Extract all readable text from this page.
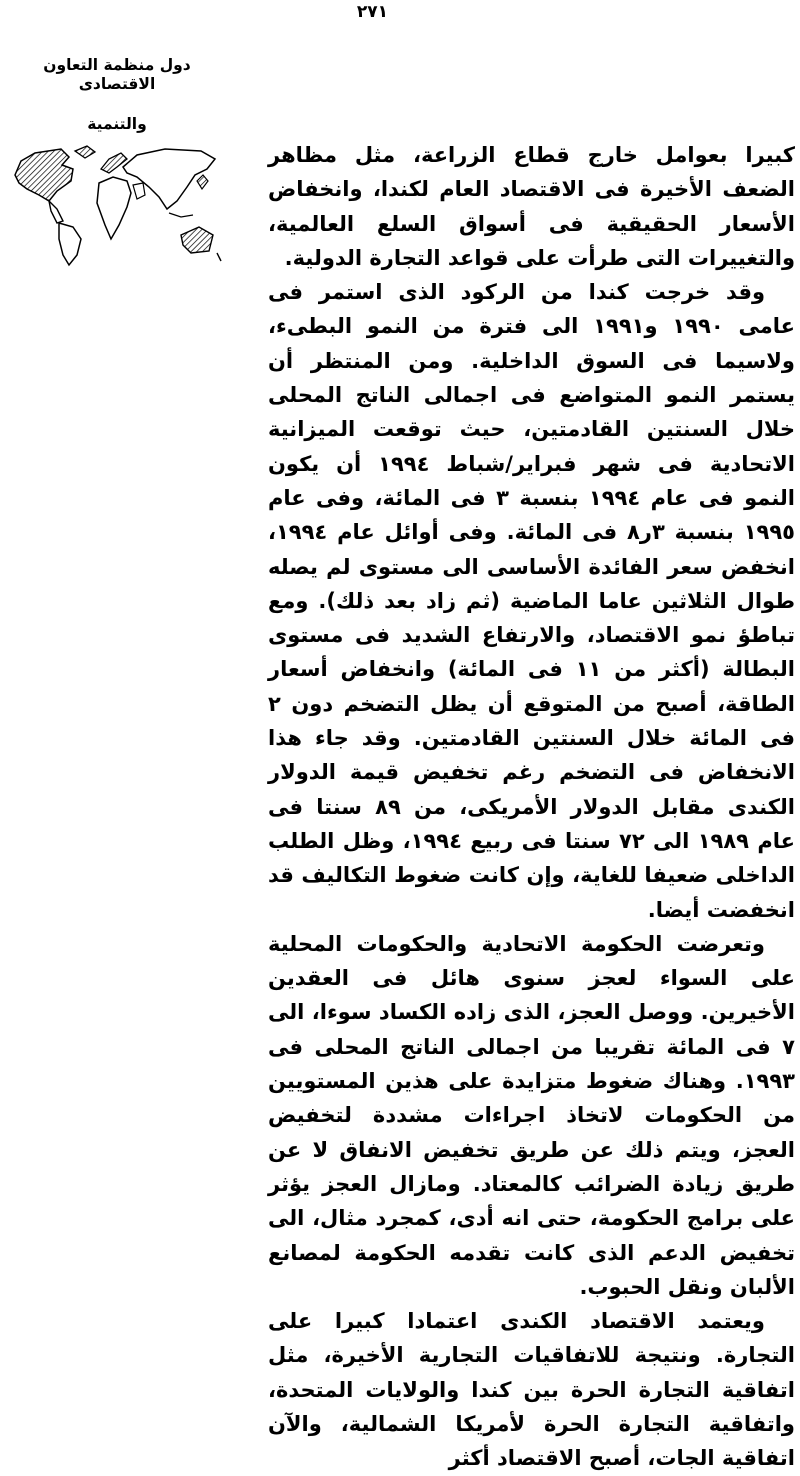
٢٧١
دول منظمة التعاون الاقتصادى
والتنمية

كبيرا بعوامل خارج قطاع الزراعة، مثل مظاهر الضعف الأخيرة فى الاقتصاد العام لكندا، وانخفاض الأسعار الحقيقية فى أسواق السلع العالمية، والتغييرات التى طرأت على قواعد التجارة الدولية.

وقد خرجت كندا من الركود الذى استمر فى عامى ١٩٩٠ و١٩٩١ الى فترة من النمو البطىء، ولاسيما فى السوق الداخلية. ومن المنتظر أن يستمر النمو المتواضع فى اجمالى الناتج المحلى خلال السنتين القادمتين، حيث توقعت الميزانية الاتحادية فى شهر فبراير/شباط ١٩٩٤ أن يكون النمو فى عام ١٩٩٤ بنسبة ٣ فى المائة، وفى عام ١٩٩٥ بنسبة ٣ر٨ فى المائة. وفى أوائل عام ١٩٩٤، انخفض سعر الفائدة الأساسى الى مستوى لم يصله طوال الثلاثين عاما الماضية (ثم زاد بعد ذلك). ومع تباطؤ نمو الاقتصاد، والارتفاع الشديد فى مستوى البطالة (أكثر من ١١ فى المائة) وانخفاض أسعار الطاقة، أصبح من المتوقع أن يظل التضخم دون ٢ فى المائة خلال السنتين القادمتين. وقد جاء هذا الانخفاض فى التضخم رغم تخفيض قيمة الدولار الكندى مقابل الدولار الأمريكى، من ٨٩ سنتا فى عام ١٩٨٩ الى ٧٢ سنتا فى ربيع ١٩٩٤، وظل الطلب الداخلى ضعيفا للغاية، وإن كانت ضغوط التكاليف قد انخفضت أيضا.

وتعرضت الحكومة الاتحادية والحكومات المحلية على السواء لعجز سنوى هائل فى العقدين الأخيرين. ووصل العجز، الذى زاده الكساد سوءا، الى ٧ فى المائة تقريبا من اجمالى الناتج المحلى فى ١٩٩٣. وهناك ضغوط متزايدة على هذين المستويين من الحكومات لاتخاذ اجراءات مشددة لتخفيض العجز، ويتم ذلك عن طريق تخفيض الانفاق لا عن طريق زيادة الضرائب كالمعتاد. ومازال العجز يؤثر على برامج الحكومة، حتى انه أدى، كمجرد مثال، الى تخفيض الدعم الذى كانت تقدمه الحكومة لمصانع الألبان ونقل الحبوب.

ويعتمد الاقتصاد الكندى اعتمادا كبيرا على التجارة. ونتيجة للاتفاقيات التجارية الأخيرة، مثل اتفاقية التجارة الحرة بين كندا والولايات المتحدة، واتفاقية التجارة الحرة لأمريكا الشمالية، والآن اتفاقية الجات، أصبح الاقتصاد أكثر
